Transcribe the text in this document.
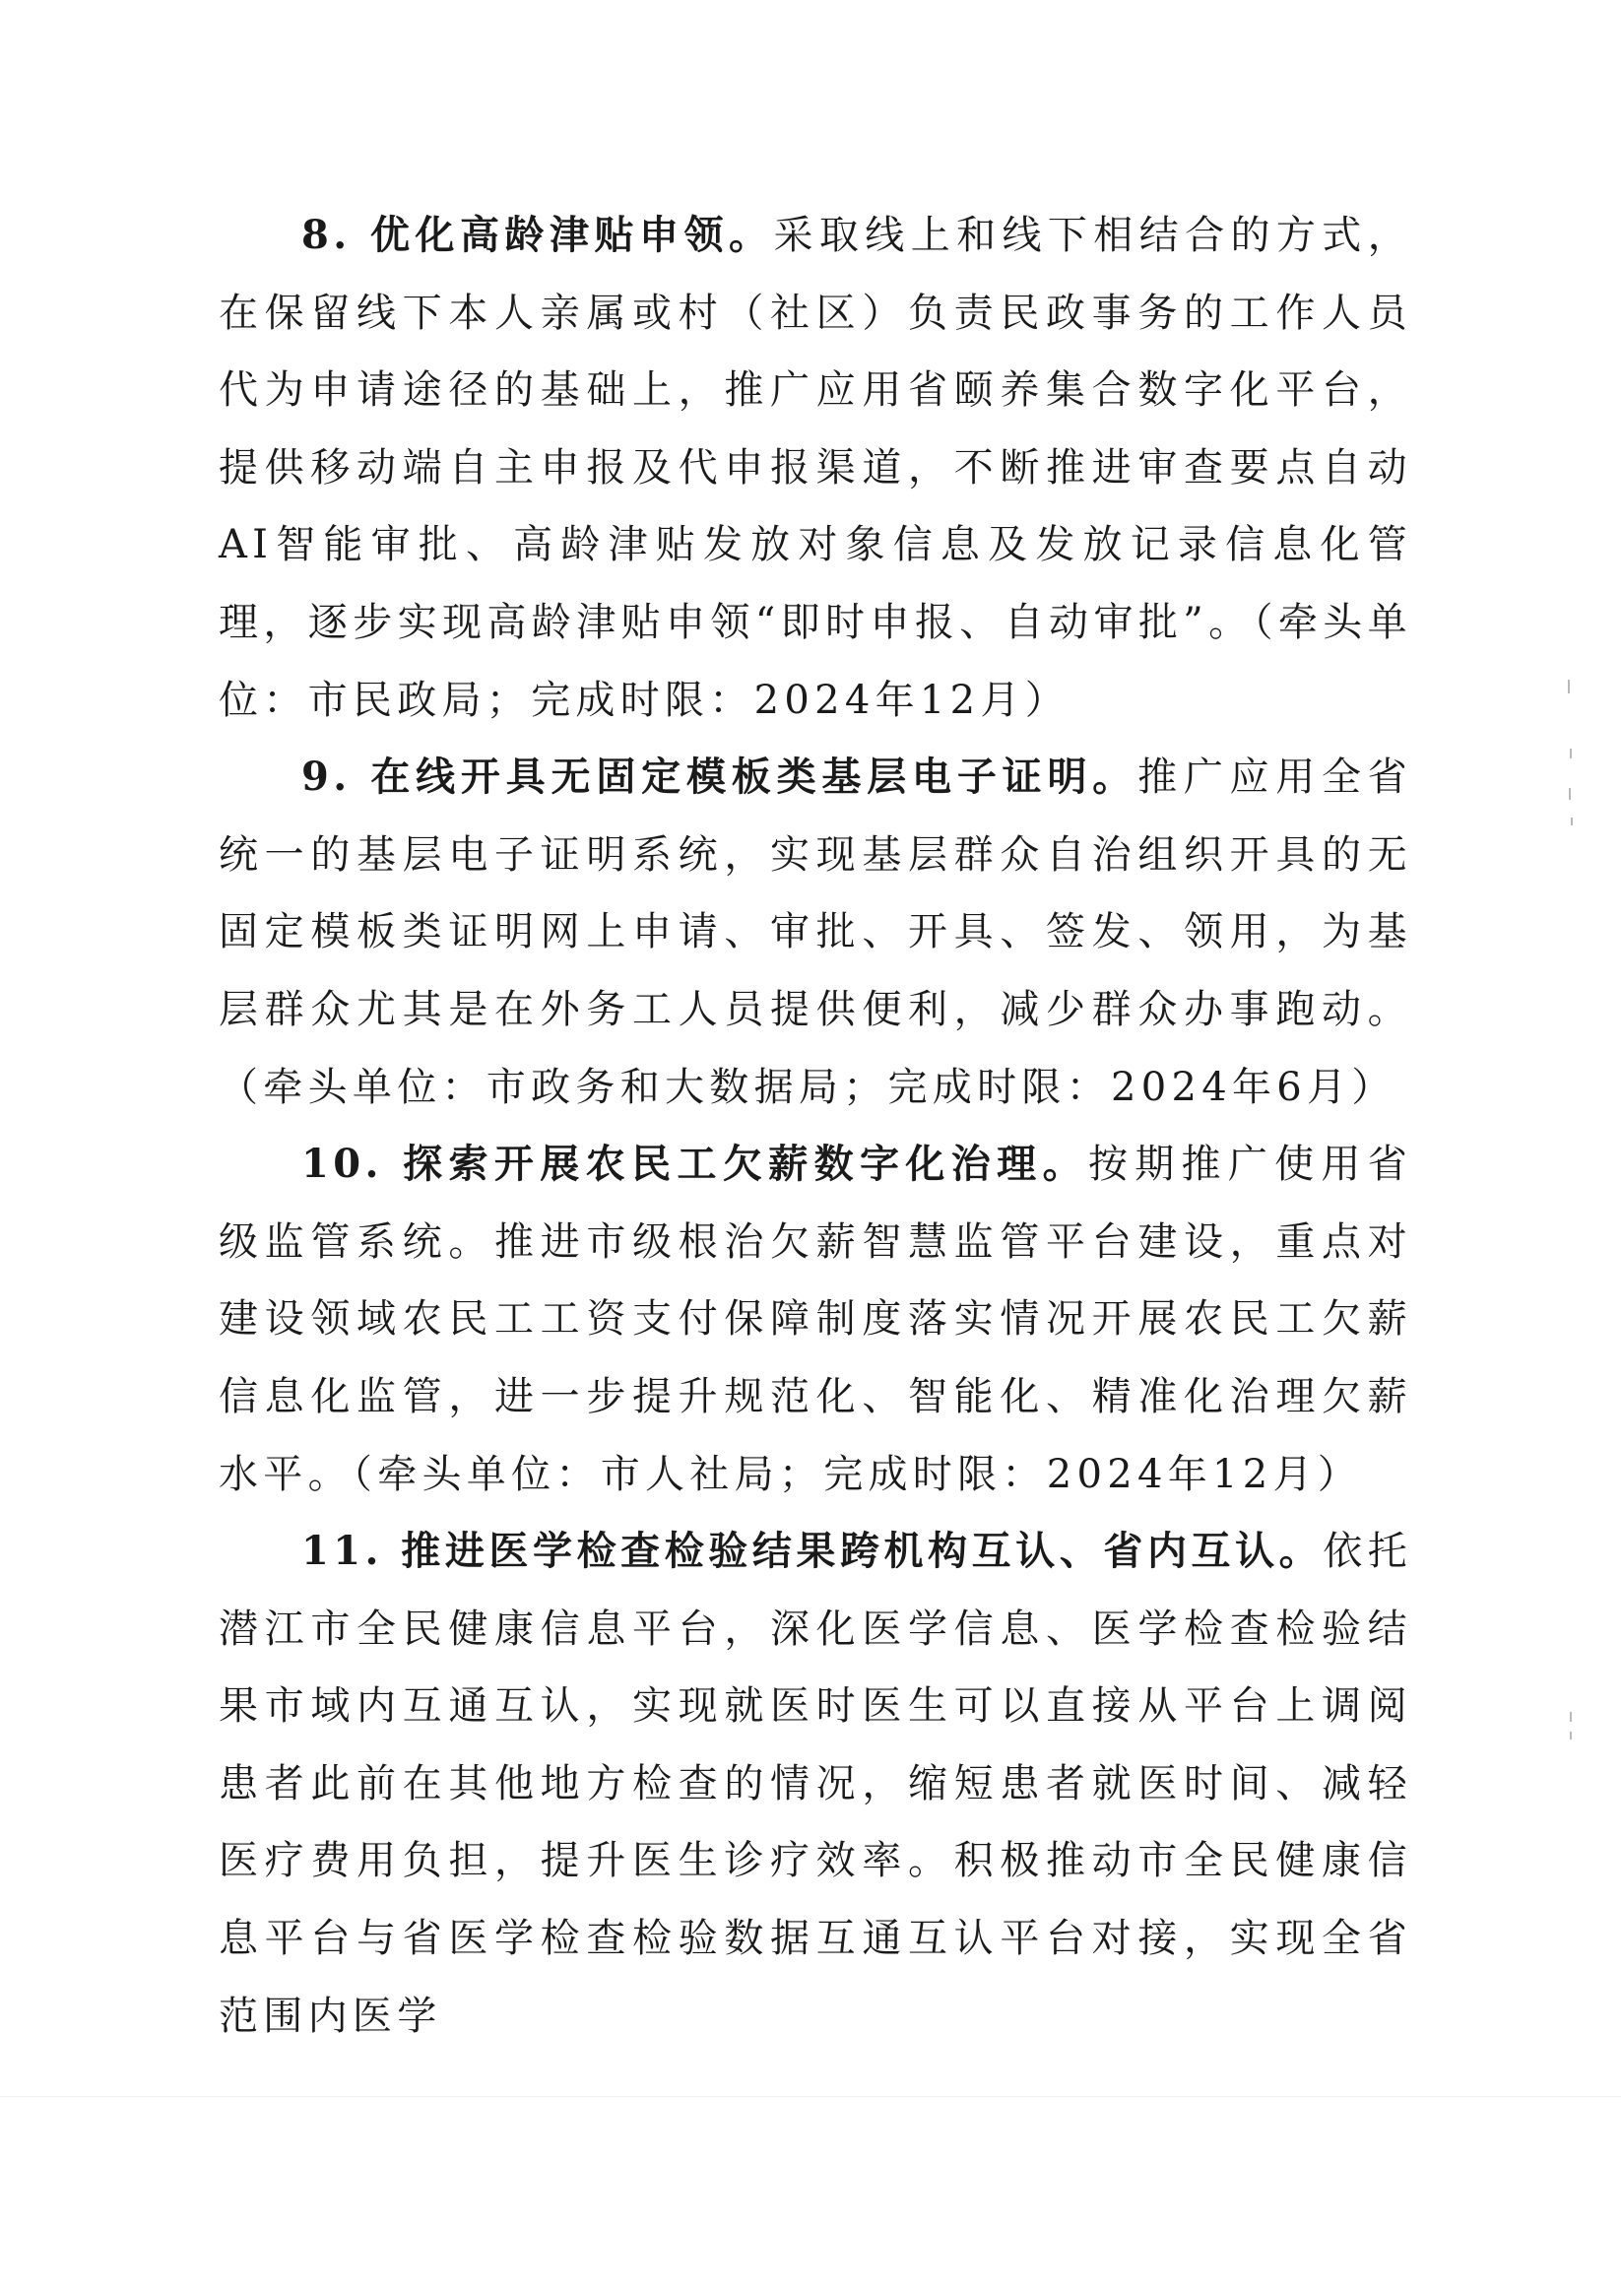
8. 优化高龄津贴申领。采取线上和线下相结合的方式，在保留线下本人亲属或村（社区）负责民政事务的工作人员代为申请途径的基础上，推广应用省颐养集合数字化平台，提供移动端自主申报及代申报渠道，不断推进审查要点自动AI智能审批、高龄津贴发放对象信息及发放记录信息化管理，逐步实现高龄津贴申领“即时申报、自动审批”。（牵头单位：市民政局；完成时限：2024年12月）

9. 在线开具无固定模板类基层电子证明。推广应用全省统一的基层电子证明系统，实现基层群众自治组织开具的无固定模板类证明网上申请、审批、开具、签发、领用，为基层群众尤其是在外务工人员提供便利，减少群众办事跑动。（牵头单位：市政务和大数据局；完成时限：2024年6月）

10. 探索开展农民工欠薪数字化治理。按期推广使用省级监管系统。推进市级根治欠薪智慧监管平台建设，重点对建设领域农民工工资支付保障制度落实情况开展农民工欠薪信息化监管，进一步提升规范化、智能化、精准化治理欠薪水平。（牵头单位：市人社局；完成时限：2024年12月）

11. 推进医学检查检验结果跨机构互认、省内互认。依托潜江市全民健康信息平台，深化医学信息、医学检查检验结果市域内互通互认，实现就医时医生可以直接从平台上调阅患者此前在其他地方检查的情况，缩短患者就医时间、减轻医疗费用负担，提升医生诊疗效率。积极推动市全民健康信息平台与省医学检查检验数据互通互认平台对接，实现全省范围内医学
